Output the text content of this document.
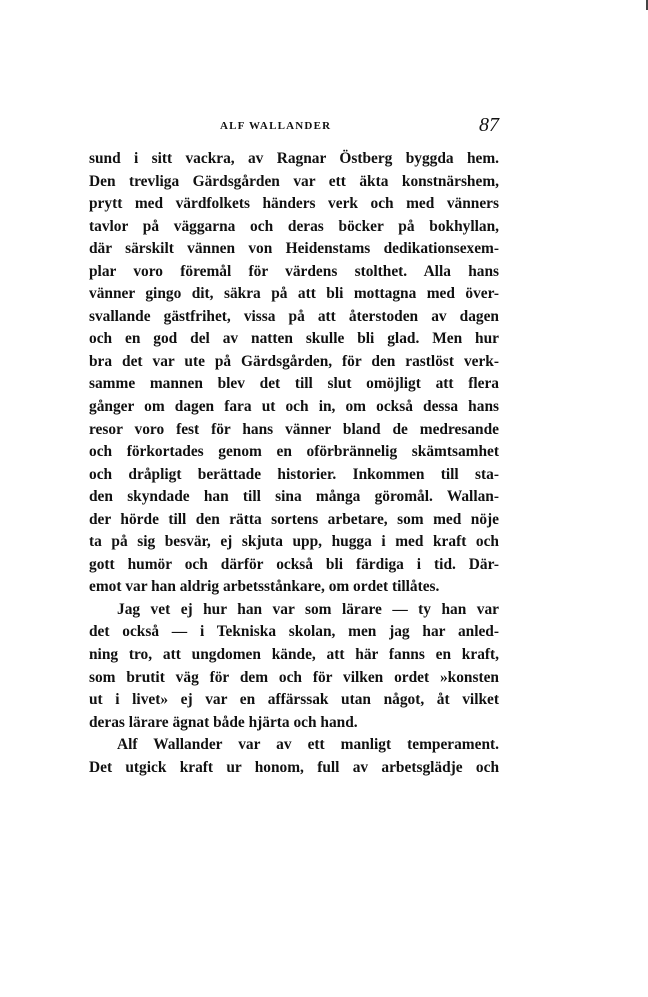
ALF WALLANDER	87
sund i sitt vackra, av Ragnar Östberg byggda hem.
Den trevliga Gärdsgården var ett äkta konstnärshem,
prytt med värdfolkets händers verk och med vänners
tavlor på väggarna och deras böcker på bokhyllan,
där särskilt vännen von Heidenstams dedikationsexem-
plar voro föremål för värdens stolthet. Alla hans
vänner gingo dit, säkra på att bli mottagna med över-
svallande gästfrihet, vissa på att återstoden av dagen
och en god del av natten skulle bli glad. Men hur
bra det var ute på Gärdsgården, för den rastlöst verk-
samme mannen blev det till slut omöjligt att flera
gånger om dagen fara ut och in, om också dessa hans
resor voro fest för hans vänner bland de medresande
och förkortades genom en oförbrännelig skämtsamhet
och dråpligt berättade historier. Inkommen till sta-
den skyndade han till sina många göromål. Wallan-
der hörde till den rätta sortens arbetare, som med nöje
ta på sig besvär, ej skjuta upp, hugga i med kraft och
gott humör och därför också bli färdiga i tid. Där-
emot var han aldrig arbetsstånkare, om ordet tillåtes.
Jag vet ej hur han var som lärare — ty han var
det också — i Tekniska skolan, men jag har anled-
ning tro, att ungdomen kände, att här fanns en kraft,
som brutit väg för dem och för vilken ordet »konsten
ut i livet» ej var en affärssak utan något, åt vilket
deras lärare ägnat både hjärta och hand.
Alf Wallander var av ett manligt temperament.
Det utgick kraft ur honom, full av arbetsglädje och
